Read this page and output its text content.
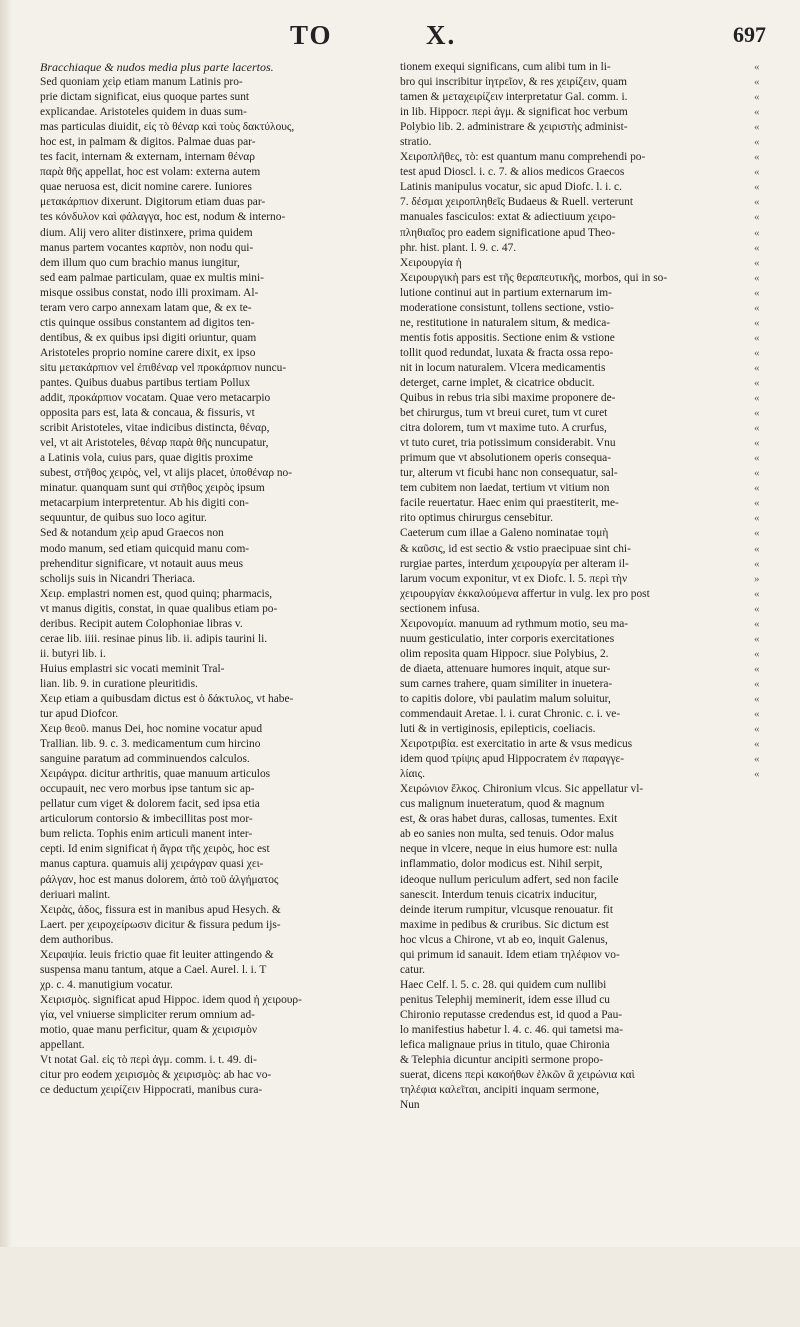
TO	X.	697
Bracchiaque & nudos media plus parte lacertos.
Sed quoniam χεὶρ etiam manum Latinis pro-
prie dictam significat, eius quoque partes sunt
explicandae. Aristoteles quidem in duas sum-
mas particulas diuidit, εἰς τὸ θέναρ καὶ τοὺς δακτύλους,
hoc est, in palmam & digitos. Palmae duas par-
tes facit, internam & externam, internam θέναρ
παρὰ θῆς appellat, hoc est volam: externa autem
quae neruosa est, dicit nomine carere. Iuniores
μετακάρπιον dixerunt. Digitorum etiam duas par-
tes κόνδυλον καὶ φάλαγγα, hoc est, nodum & interno-
dium. Alij vero aliter distinxere, prima quidem
manus partem vocantes καρπὸν, non nodu qui-
dem illum quo cum brachio manus iungitur,
sed eam palmae particulam, quae ex multis mini-
misque ossibus constat, nodo illi proximam. Al-
teram vero carpo annexam latam que, & ex te-
ctis quinque ossibus constantem ad digitos ten-
dentibus, & ex quibus ipsi digiti oriuntur, quam
Aristoteles proprio nomine carere dixit, ex ipso
situ μετακάρπιον vel ἐπιθέναρ vel προκάρπιον nuncu-
pantes. Quibus duabus partibus tertiam Pollux
addit, προκάρπιον vocatam. Quae vero metacarpio
opposita pars est, lata & concaua, & fissuris, vt
scribit Aristoteles, vitae indicibus distincta, θέναρ,
vel, vt ait Aristoteles, θέναρ παρὰ θῆς nuncupatur,
a Latinis vola, cuius pars, quae digitis proxime
subest, στῆθος χειρὸς, vel, vt alijs placet, ὑποθέναρ no-
minatur. quanquam sunt qui στῆθος χειρὸς ipsum
metacarpium interpretentur. Ab his digiti con-
sequuntur, de quibus suo loco agitur.
Sed & notandum χεὶρ apud Graecos non
modo manum, sed etiam quicquid manu com-
prehenditur significare, vt notauit auus meus
scholijs suis in Nicandri Theriaca.
Χειρ. emplastri nomen est, quod quinq; pharmacis,
vt manus digitis, constat, in quae qualibus etiam po-
deribus. Recipit autem Colophoniae libras v.
cerae lib. iiii. resinae pinus lib. ii. adipis taurini li.
ii. butyri lib. i.
Huius emplastri sic vocati meminit Tral-
lian. lib. 9. in curatione pleuritidis.
Χειρ etiam a quibusdam dictus est ὁ δάκτυλος, vt habe-
tur apud Diofcor.
Χειρ θεοῦ. manus Dei, hoc nomine vocatur apud
Trallian. lib. 9. c. 3. medicamentum cum hircino
sanguine paratum ad comminuendos calculos.
Χειράγρα. dicitur arthritis, quae manuum articulos
occupauit, nec vero morbus ipse tantum sic ap-
pellatur cum viget & dolorem facit, sed ipsa etia
articulorum contorsio & imbecillitas post mor-
bum relicta. Tophis enim articuli manent inter-
cepti. Id enim significat ἡ ἄγρα τῆς χειρὸς, hoc est
manus captura. quamuis alij χειράγραν quasi χει-
ράλγαν, hoc est manus dolorem, ἀπὸ τοῦ ἀλγήματος
deriuari malint.
Χειρὰς, ἀδος, fissura est in manibus apud Hesych. &
Laert. per χειροχείρωσιν dicitur & fissura pedum ijs-
dem authoribus.
Χειραψία. leuis frictio quae fit leuiter attingendo &
suspensa manu tantum, atque a Cael. Aurel. l. i. T
χρ. c. 4. manutigium vocatur.
Χειρισμὸς. significat apud Hippoc. idem quod ἡ χειρουρ-
γία, vel vniuerse simpliciter rerum omnium ad-
motio, quae manu perficitur, quam & χειρισμὸν
appellant.
Vt notat Gal. εἰς τὸ περὶ ἀγμ. comm. i. t. 49. di-
citur pro eodem χειρισμὸς & χειρισμὸς: ab hac vo-
ce deductum χειρίζειν Hippocrati, manibus cura-
tionem exequi significans, cum alibi tum in li-
bro qui inscribitur ἰητρεῖον, & res χειρίζειν, quam
tamen & μεταχειρίζειν interpretatur Gal. comm. i.
in lib. Hippocr. περὶ ἀγμ. & significat hoc verbum
Polybio lib. 2. administrare & χειριστὴς administ-
stratio.
Χειροπλῆθες, τὸ: est quantum manu comprehendi po-
test apud Dioscl. i. c. 7. & alios medicos Graecos
Latinis manipulus vocatur, sic apud Diofc. l. i. c.
7. δέσμαι χειροπληθεῖς Budaeus & Ruell. verterunt
manuales fasciculos: extat & adiectiuum χειρο-
πληθιαῖος pro eadem significatione apud Theo-
phr. hist. plant. l. 9. c. 47.
Χειρουργία ἡ
Χειρουργικὴ pars est τῆς θεραπευτικῆς, morbos, qui in so-
lutione continui aut in partium externarum im-
moderatione consistunt, tollens sectione, vstio-
ne, restitutione in naturalem situm, & medica-
mentis fotis appositis. Sectione enim & vstione
tollit quod redundat, luxata & fracta ossa repo-
nit in locum naturalem. Vlcera medicamentis
deterget, carne implet, & cicatrice obducit.
Quibus in rebus tria sibi maxime proponere de-
bet chirurgus, tum vt breui curet, tum vt curet
citra dolorem, tum vt maxime tuto. A crurfus,
vt tuto curet, tria potissimum considerabit. Vnu
primum que vt absolutionem operis consequa-
tur, alterum vt ficubi hanc non consequatur, sal-
tem cubitem non laedat, tertium vt vitium non
facile reuertatur. Haec enim qui praestiterit, me-
rito optimus chirurgus censebitur.
Caeterum cum illae a Galeno nominatae τομὴ
& καῦσις, id est sectio & vstio praecipuae sint chi-
rurgiae partes, interdum χειρουργία per alteram il-
larum vocum exponitur, vt ex Diofc. l. 5. περὶ τὴν
χειρουργίαν ἐκκαλούμενα affertur in vulg. lex pro post
sectionem infusa.
Χειρονομία. manuum ad rythmum motio, seu ma-
nuum gesticulatio, inter corporis exercitationes
olim reposita quam Hippocr. siue Polybius, 2.
de diaeta, attenuare humores inquit, atque sur-
sum carnes trahere, quam similiter in inuetera-
to capitis dolore, vbi paulatim malum soluitur,
commendauit Aretae. l. i. curat Chronic. c. i. ve-
luti & in vertiginosis, epilepticis, coeliacis.
Χειροτριβία. est exercitatio in arte & vsus medicus
idem quod τρίψις apud Hippocratem ἐν παραγγε-
λίαις.
Χειρώνιον ἕλκος. Chironium vlcus. Sic appellatur vl-
cus malignum inueteratum, quod & magnum
est, & oras habet duras, callosas, tumentes. Exit
ab eo sanies non multa, sed tenuis. Odor malus
neque in vlcere, neque in eius humore est: nulla
inflammatio, dolor modicus est. Nihil serpit,
ideoque nullum periculum adfert, sed non facile
sanescit. Interdum tenuis cicatrix inducitur,
deinde iterum rumpitur, vlcusque renouatur. fit
maxime in pedibus & cruribus. Sic dictum est
hoc vlcus a Chirone, vt ab eo, inquit Galenus,
qui primum id sanauit. Idem etiam τηλέφιον vo-
catur.
Haec Celf. l. 5. c. 28. qui quidem cum nullibi
penitus Telephij meminerit, idem esse illud cu
Chironio reputasse credendus est, id quod a Pau-
lo manifestius habetur l. 4. c. 46. qui tametsi ma-
lefica malignaue prius in titulo, quae Chironia
& Telephia dicuntur ancipiti sermone propo-
suerat, dicens περὶ κακοήθων ἑλκῶν ἃ χειρώνια καὶ
τηλέφια καλεῖται, ancipiti inquam sermone,
Nun
«
«
«
«
«
«
«
«
«
«
«
«
«
«
«
«
«
«
«
«
«
«
«
«
«
«
«
«
«
«
«
«
«
«
»
«
«
«
«
«
«
«
«
«
«
«
«
«
